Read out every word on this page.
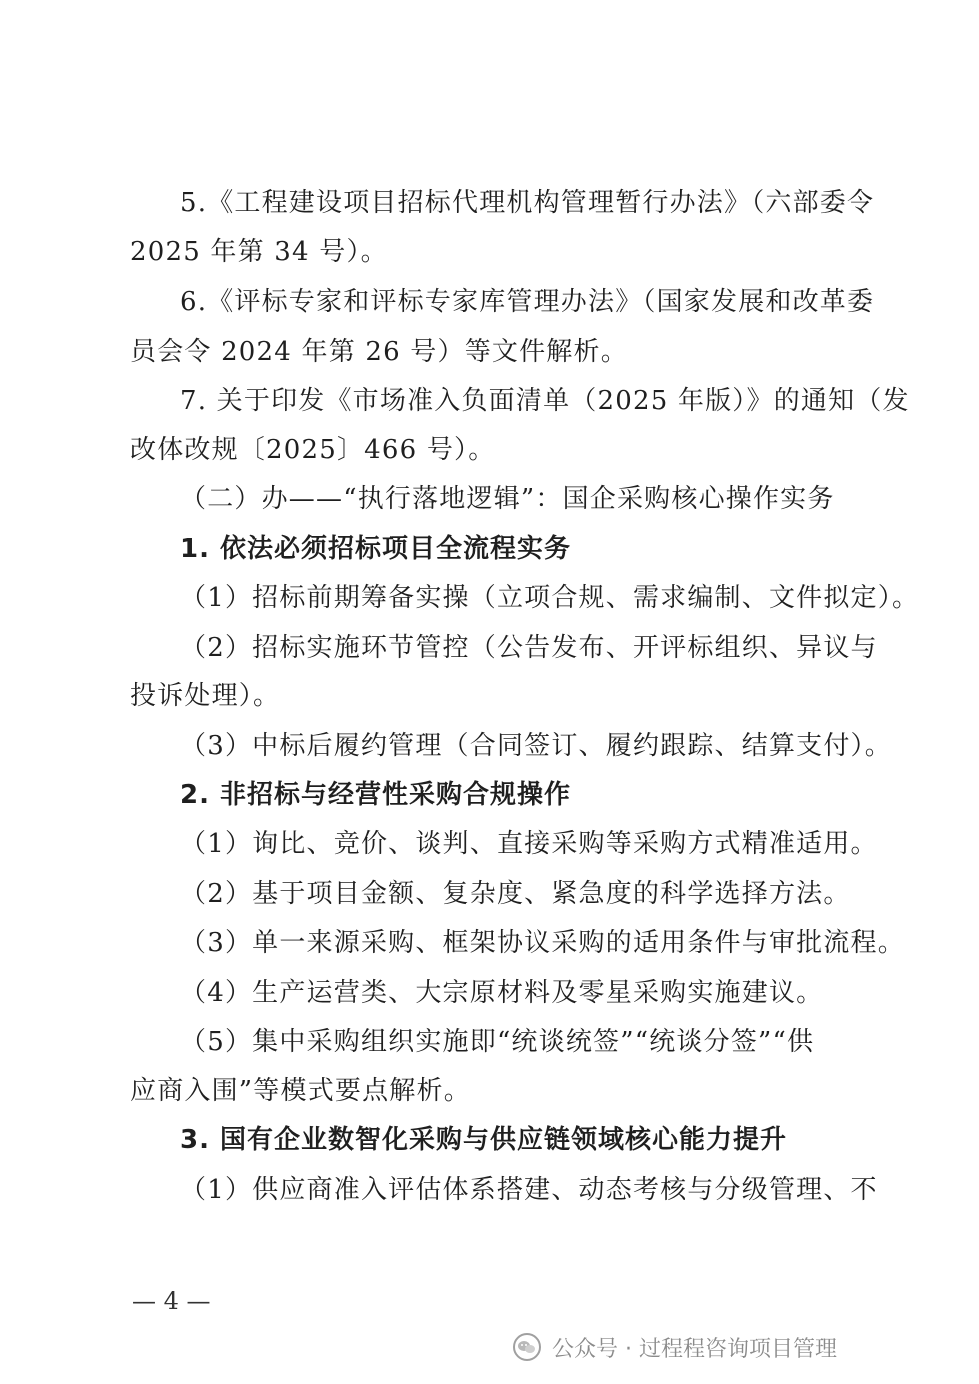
5.《工程建设项目招标代理机构管理暂行办法》（六部委令
2025 年第 34 号）。
6.《评标专家和评标专家库管理办法》（国家发展和改革委
员会令 2024 年第 26 号）等文件解析。
7. 关于印发《市场准入负面清单（2025 年版）》的通知（发
改体改规〔2025〕466 号）。
（二）办——“执行落地逻辑”：国企采购核心操作实务
1. 依法必须招标项目全流程实务
（1）招标前期筹备实操（立项合规、需求编制、文件拟定）。
（2）招标实施环节管控（公告发布、开评标组织、异议与
投诉处理）。
（3）中标后履约管理（合同签订、履约跟踪、结算支付）。
2. 非招标与经营性采购合规操作
（1）询比、竞价、谈判、直接采购等采购方式精准适用。
（2）基于项目金额、复杂度、紧急度的科学选择方法。
（3）单一来源采购、框架协议采购的适用条件与审批流程。
（4）生产运营类、大宗原材料及零星采购实施建议。
（5）集中采购组织实施即“统谈统签”“统谈分签”“供
应商入围”等模式要点解析。
3. 国有企业数智化采购与供应链领域核心能力提升
（1）供应商准入评估体系搭建、动态考核与分级管理、不
— 4 —
公众号 · 过程程咨询项目管理
